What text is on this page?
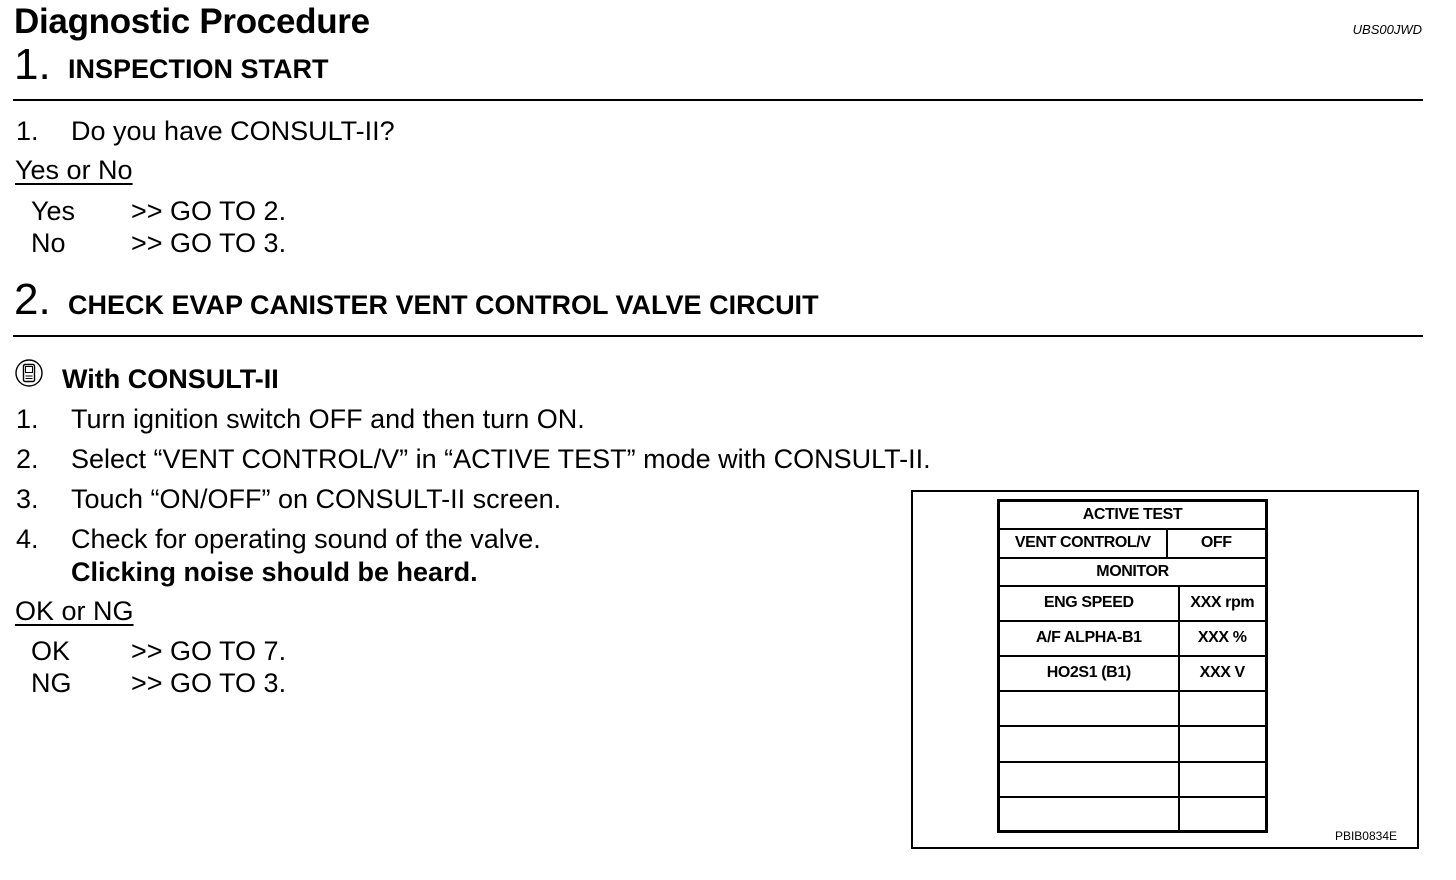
Diagnostic Procedure	UBS00JWD
1. INSPECTION START
1. Do you have CONSULT-II?
Yes or No
Yes >> GO TO 2.
No >> GO TO 3.
2. CHECK EVAP CANISTER VENT CONTROL VALVE CIRCUIT
With CONSULT-II
1. Turn ignition switch OFF and then turn ON.
2. Select “VENT CONTROL/V” in “ACTIVE TEST” mode with CONSULT-II.
3. Touch “ON/OFF” on CONSULT-II screen.
4. Check for operating sound of the valve.
Clicking noise should be heard.
OK or NG
OK >> GO TO 7.
NG >> GO TO 3.
ACTIVE TEST		
VENT CONTROL/V	OFF	
MONITOR		
ENG SPEED		XXX rpm
A/F ALPHA-B1		XXX %
HO2S1 (B1)		XXX V

PBIB0834E
